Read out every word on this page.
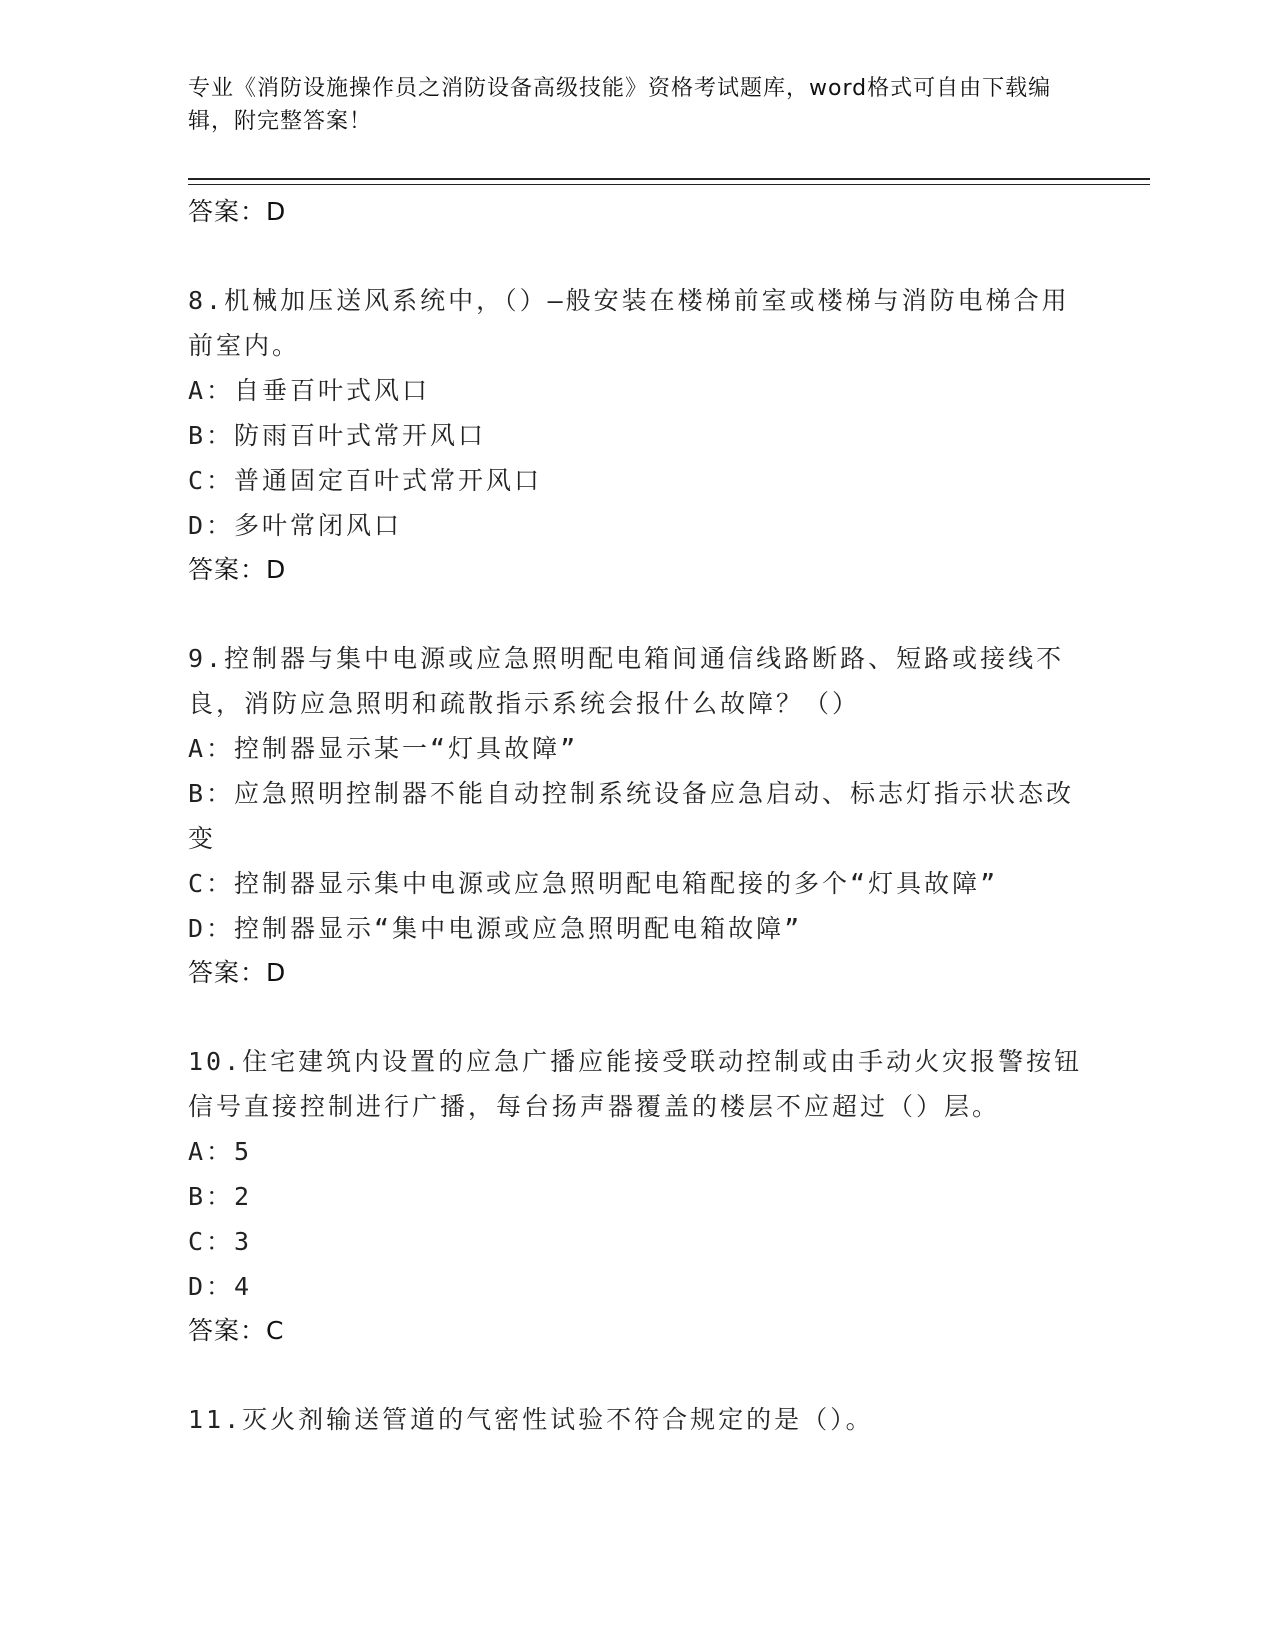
专业《消防设施操作员之消防设备高级技能》资格考试题库，word格式可自由下载编辑，附完整答案！

答案：D

8.机械加压送风系统中，（）—般安装在楼梯前室或楼梯与消防电梯合用前室内。

A：自垂百叶式风口

B：防雨百叶式常开风口

C：普通固定百叶式常开风口

D：多叶常闭风口

答案：D

9.控制器与集中电源或应急照明配电箱间通信线路断路、短路或接线不良，消防应急照明和疏散指示系统会报什么故障？（）

A：控制器显示某一“灯具故障”

B：应急照明控制器不能自动控制系统设备应急启动、标志灯指示状态改变

C：控制器显示集中电源或应急照明配电箱配接的多个“灯具故障”

D：控制器显示“集中电源或应急照明配电箱故障”

答案：D

10.住宅建筑内设置的应急广播应能接受联动控制或由手动火灾报警按钮信号直接控制进行广播，每台扬声器覆盖的楼层不应超过（）层。

A：5

B：2

C：3

D：4

答案：C

11.灭火剂输送管道的气密性试验不符合规定的是（）。
